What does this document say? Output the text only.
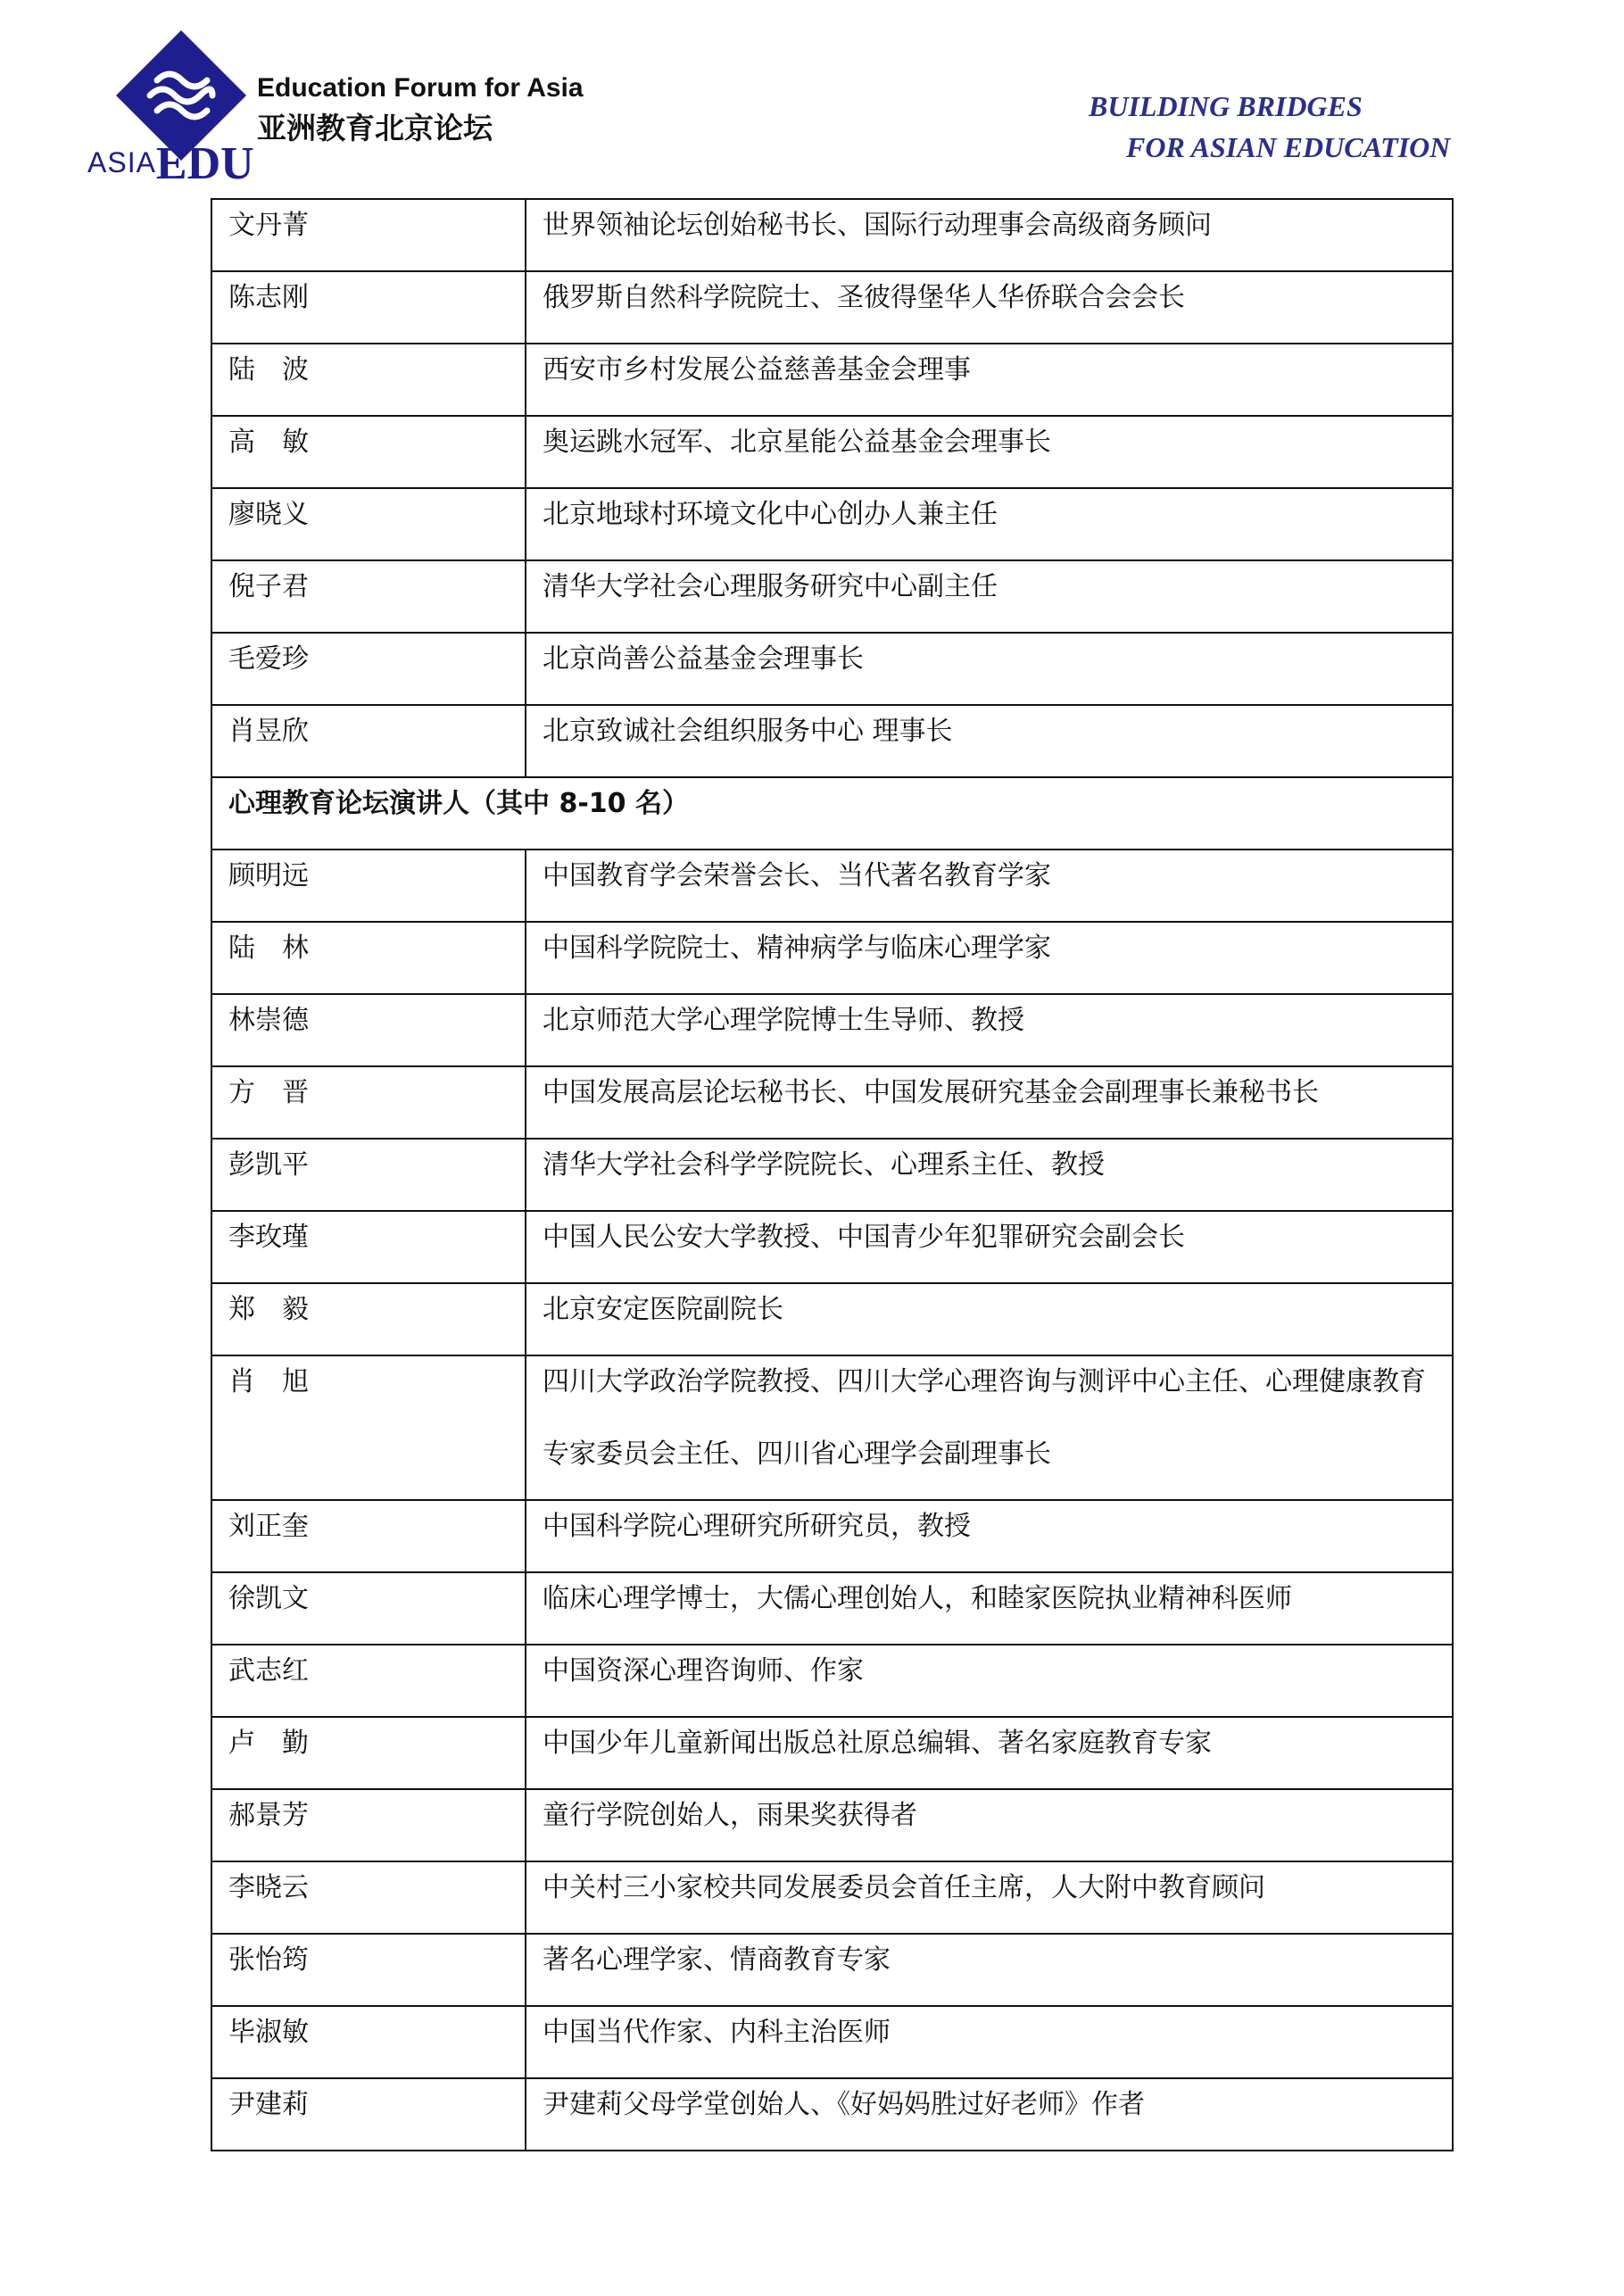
ASIAEDU
Education Forum for Asia
亚洲教育北京论坛
BUILDING BRIDGES
FOR ASIAN EDUCATION
文丹菁	世界领袖论坛创始秘书长、国际行动理事会高级商务顾问
陈志刚	俄罗斯自然科学院院士、圣彼得堡华人华侨联合会会长
陆　波	西安市乡村发展公益慈善基金会理事
高　敏	奥运跳水冠军、北京星能公益基金会理事长
廖晓义	北京地球村环境文化中心创办人兼主任
倪子君	清华大学社会心理服务研究中心副主任
毛爱珍	北京尚善公益基金会理事长
肖昱欣	北京致诚社会组织服务中心 理事长
心理教育论坛演讲人（其中 8-10 名）
顾明远	中国教育学会荣誉会长、当代著名教育学家
陆　林	中国科学院院士、精神病学与临床心理学家
林崇德	北京师范大学心理学院博士生导师、教授
方　晋	中国发展高层论坛秘书长、中国发展研究基金会副理事长兼秘书长
彭凯平	清华大学社会科学学院院长、心理系主任、教授
李玫瑾	中国人民公安大学教授、中国青少年犯罪研究会副会长
郑　毅	北京安定医院副院长
肖　旭	四川大学政治学院教授、四川大学心理咨询与测评中心主任、心理健康教育专家委员会主任、四川省心理学会副理事长
刘正奎	中国科学院心理研究所研究员，教授
徐凯文	临床心理学博士，大儒心理创始人，和睦家医院执业精神科医师
武志红	中国资深心理咨询师、作家
卢　勤	中国少年儿童新闻出版总社原总编辑、著名家庭教育专家
郝景芳	童行学院创始人，雨果奖获得者
李晓云	中关村三小家校共同发展委员会首任主席，人大附中教育顾问
张怡筠	著名心理学家、情商教育专家
毕淑敏	中国当代作家、内科主治医师
尹建莉	尹建莉父母学堂创始人、《好妈妈胜过好老师》作者
